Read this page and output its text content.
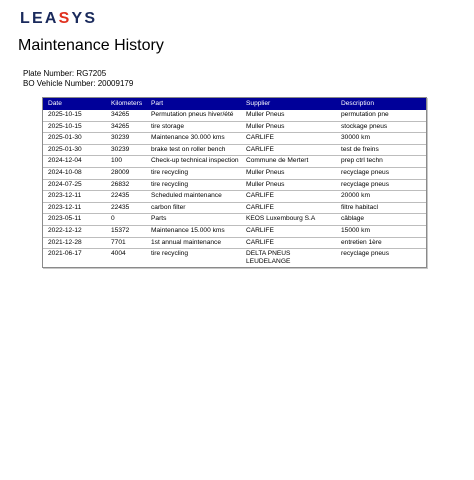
LEASYS
Maintenance History
Plate Number: RG7205
BO Vehicle Number: 20009179
Date	Kilometers	Part	Supplier	Description
2025-10-15	34265	Permutation pneus hiver/été	Muller Pneus	permutation pne
2025-10-15	34265	tire storage	Muller Pneus	stockage pneus
2025-01-30	30239	Maintenance 30.000 kms	CARLIFE	30000 km
2025-01-30	30239	brake test on roller bench	CARLIFE	test de freins
2024-12-04	100	Check-up technical inspection	Commune de Mertert	prep ctrl techn
2024-10-08	28009	tire recycling	Muller Pneus	recyclage pneus
2024-07-25	26832	tire recycling	Muller Pneus	recyclage pneus
2023-12-11	22435	Scheduled maintenance	CARLIFE	20000 km
2023-12-11	22435	carbon filter	CARLIFE	filtre habitacl
2023-05-11	0	Parts	KEOS Luxembourg S.A	câblage
2022-12-12	15372	Maintenance 15.000 kms	CARLIFE	15000 km
2021-12-28	7701	1st annual maintenance	CARLIFE	entretien 1ère
2021-06-17	4004	tire recycling	DELTA PNEUS LEUDELANGE	recyclage pneus
